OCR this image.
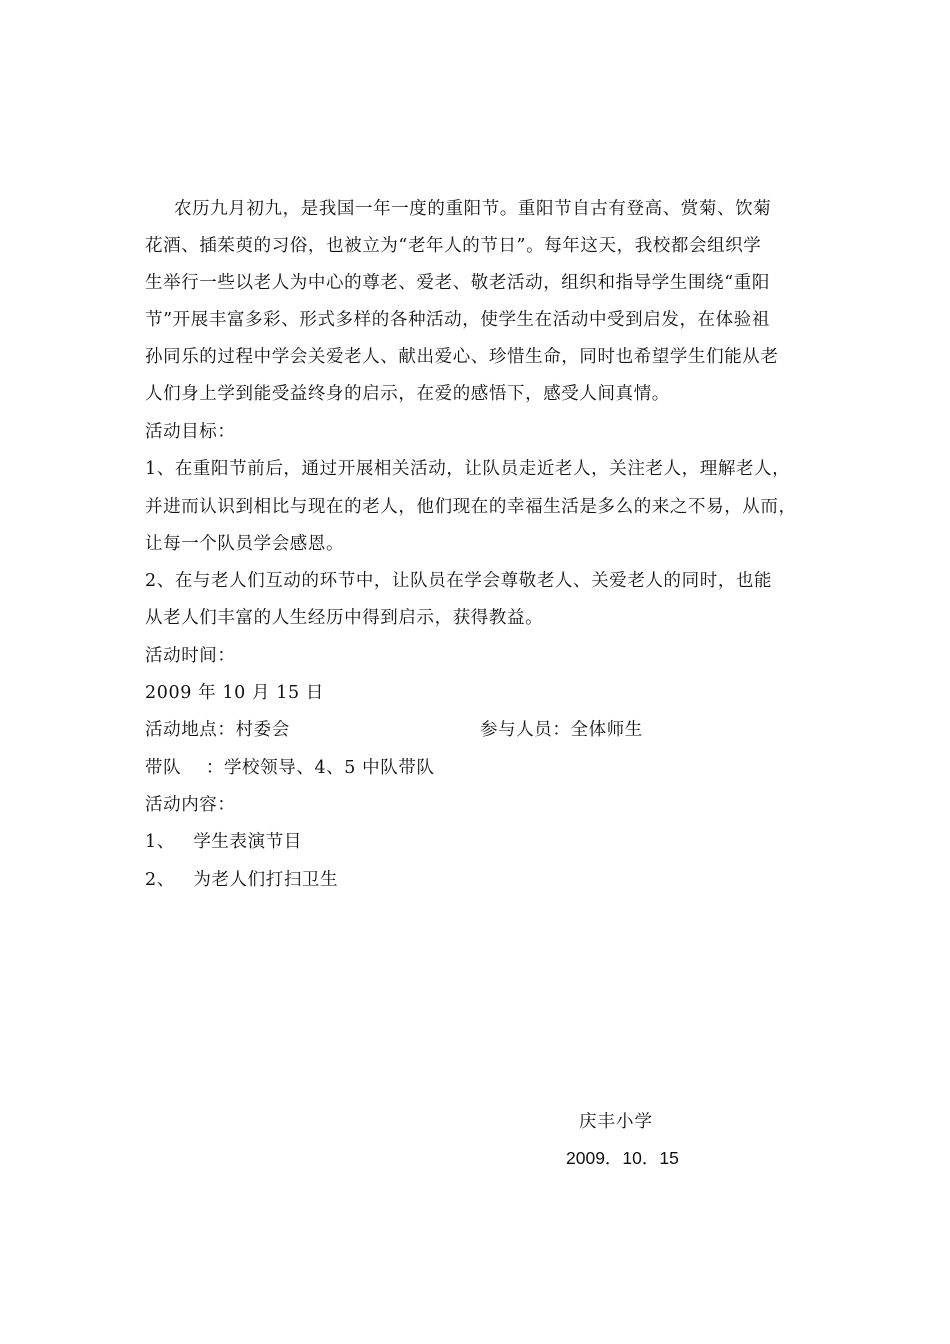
农历九月初九，是我国一年一度的重阳节。重阳节自古有登高、赏菊、饮菊
花酒、插茱萸的习俗，也被立为“老年人的节日”。每年这天，我校都会组织学
生举行一些以老人为中心的尊老、爱老、敬老活动，组织和指导学生围绕“重阳
节”开展丰富多彩、形式多样的各种活动，使学生在活动中受到启发，在体验祖
孙同乐的过程中学会关爱老人、献出爱心、珍惜生命，同时也希望学生们能从老
人们身上学到能受益终身的启示，在爱的感悟下，感受人间真情。
活动目标：
1、在重阳节前后，通过开展相关活动，让队员走近老人，关注老人，理解老人，
并进而认识到相比与现在的老人，他们现在的幸福生活是多么的来之不易，从而，
让每一个队员学会感恩。
2、在与老人们互动的环节中，让队员在学会尊敬老人、关爱老人的同时，也能
从老人们丰富的人生经历中得到启示，获得教益。
活动时间：
2009 年 10 月 15 日
活动地点：村委会	参与人员：全体师生
带队    ：学校领导、4、5 中队带队
活动内容：
1、   学生表演节目
2、   为老人们打扫卫生
庆丰小学
2009．10．15
